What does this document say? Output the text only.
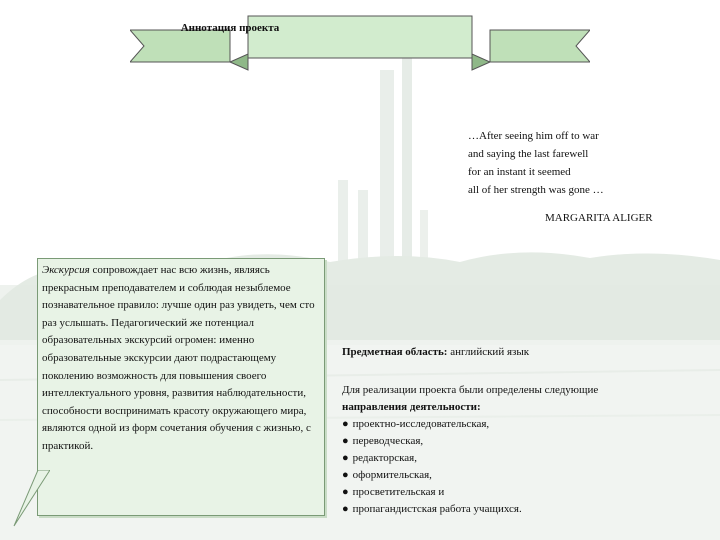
Аннотация проекта
…After seeing him off to war
and saying the last farewell
for an instant it seemed
all of her strength was gone …
MARGARITA ALIGER
Экскурсия сопровождает нас всю жизнь, являясь прекрасным преподавателем и соблюдая незыблемое познавательное правило: лучше один раз увидеть, чем сто раз услышать. Педагогический же потенциал образовательных экскурсий огромен: именно образовательные экскурсии дают подрастающему поколению возможность для повышения своего интеллектуального уровня, развития наблюдательности, способности воспринимать красоту окружающего мира, являются одной из форм сочетания обучения с жизнью, с практикой.
Предметная область: английский язык
Для реализации проекта были определены следующие
направления деятельности:
● проектно-исследовательская,
● переводческая,
● редакторская,
● оформительская,
● просветительская и
● пропагандистская работа учащихся.
